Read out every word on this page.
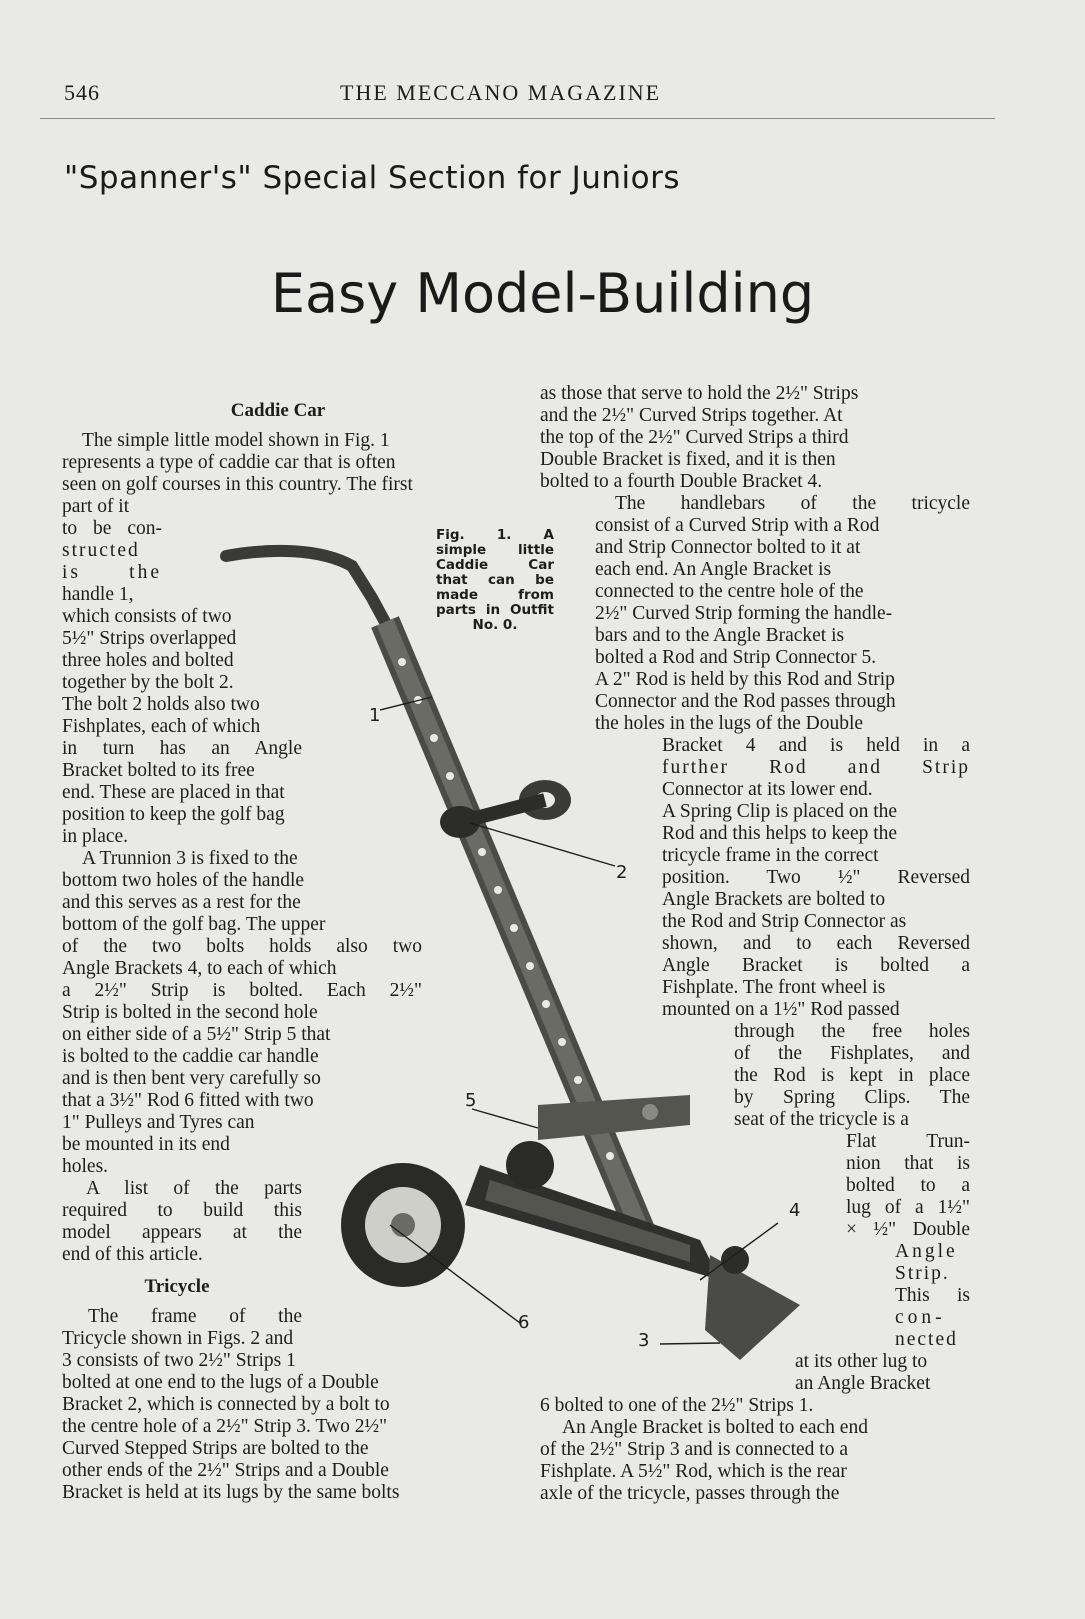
546	THE MECCANO MAGAZINE
"Spanner's" Special Section for Juniors
Easy Model-Building
1
2
3
4
5
6
Fig. 1. A
simple little
Caddie Car
that can be
made from
parts in Outfit
No. 0.

Caddie Car

The simple little model shown in Fig. 1

represents a type of caddie car that is often

seen on golf courses in this country. The first

part of it

to be con-

structed

is the

handle 1,

which consists of two

5½" Strips overlapped

three holes and bolted

together by the bolt 2.

The bolt 2 holds also two

Fishplates, each of which

in turn has an Angle

Bracket bolted to its free

end. These are placed in that

position to keep the golf bag

in place.

A Trunnion 3 is fixed to the

bottom two holes of the handle

and this serves as a rest for the

bottom of the golf bag. The upper

of the two bolts holds also two

Angle Brackets 4, to each of which

a 2½" Strip is bolted. Each 2½"

Strip is bolted in the second hole

on either side of a 5½" Strip 5 that

is bolted to the caddie car handle

and is then bent very carefully so

that a 3½" Rod 6 fitted with two

1" Pulleys and Tyres can

be mounted in its end

holes.

A list of the parts

required to build this

model appears at the

end of this article.

Tricycle

The frame of the

Tricycle shown in Figs. 2 and

3 consists of two 2½" Strips 1

bolted at one end to the lugs of a Double

Bracket 2, which is connected by a bolt to

the centre hole of a 2½" Strip 3. Two 2½"

Curved Stepped Strips are bolted to the

other ends of the 2½" Strips and a Double

Bracket is held at its lugs by the same bolts

as those that serve to hold the 2½" Strips

and the 2½" Curved Strips together. At

the top of the 2½" Curved Strips a third

Double Bracket is fixed, and it is then

bolted to a fourth Double Bracket 4.

The handlebars of the tricycle

consist of a Curved Strip with a Rod

and Strip Connector bolted to it at

each end. An Angle Bracket is

connected to the centre hole of the

2½" Curved Strip forming the handle-

bars and to the Angle Bracket is

bolted a Rod and Strip Connector 5.

A 2" Rod is held by this Rod and Strip

Connector and the Rod passes through

the holes in the lugs of the Double

Bracket 4 and is held in a

further Rod and Strip

Connector at its lower end.

A Spring Clip is placed on the

Rod and this helps to keep the

tricycle frame in the correct

position. Two ½" Reversed

Angle Brackets are bolted to

the Rod and Strip Connector as

shown, and to each Reversed

Angle Bracket is bolted a

Fishplate. The front wheel is

mounted on a 1½" Rod passed

through the free holes

of the Fishplates, and

the Rod is kept in place

by Spring Clips. The

seat of the tricycle is a

Flat Trun-

nion that is

bolted to a

lug of a 1½"

× ½" Double

Angle

Strip.

This is

con-

nected

at its other lug to

an Angle Bracket

6 bolted to one of the 2½" Strips 1.

An Angle Bracket is bolted to each end

of the 2½" Strip 3 and is connected to a

Fishplate. A 5½" Rod, which is the rear

axle of the tricycle, passes through the
